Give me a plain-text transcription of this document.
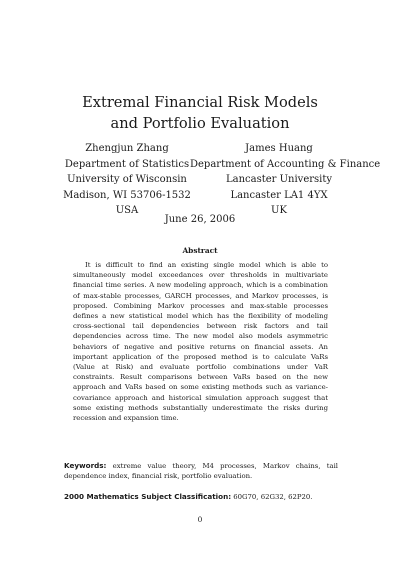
Extremal Financial Risk Models
and Portfolio Evaluation
Zhengjun Zhang
Department of Statistics
University of Wisconsin
Madison, WI 53706-1532
USA
James Huang
Department of Accounting & Finance
Lancaster University
Lancaster LA1 4YX
UK
June 26, 2006
Abstract

It is difficult to find an existing single model which is able to simultaneously model exceedances over thresholds in multivariate financial time series. A new modeling approach, which is a combination of max-stable processes, GARCH processes, and Markov processes, is proposed. Combining Markov processes and max-stable processes defines a new statistical model which has the flexibility of modeling cross-sectional tail dependencies between risk factors and tail dependencies across time. The new model also models asymmetric behaviors of negative and positive returns on financial assets. An important application of the proposed method is to calculate VaRs (Value at Risk) and evaluate portfolio combinations under VaR constraints. Result comparisons between VaRs based on the new approach and VaRs based on some existing methods such as variance-covariance approach and historical simulation approach suggest that some existing methods substantially underestimate the risks during recession and expansion time.

Keywords: extreme value theory, M4 processes, Markov chains, tail dependence index, financial risk, portfolio evaluation.

2000 Mathematics Subject Classification: 60G70, 62G32, 62P20.

0
